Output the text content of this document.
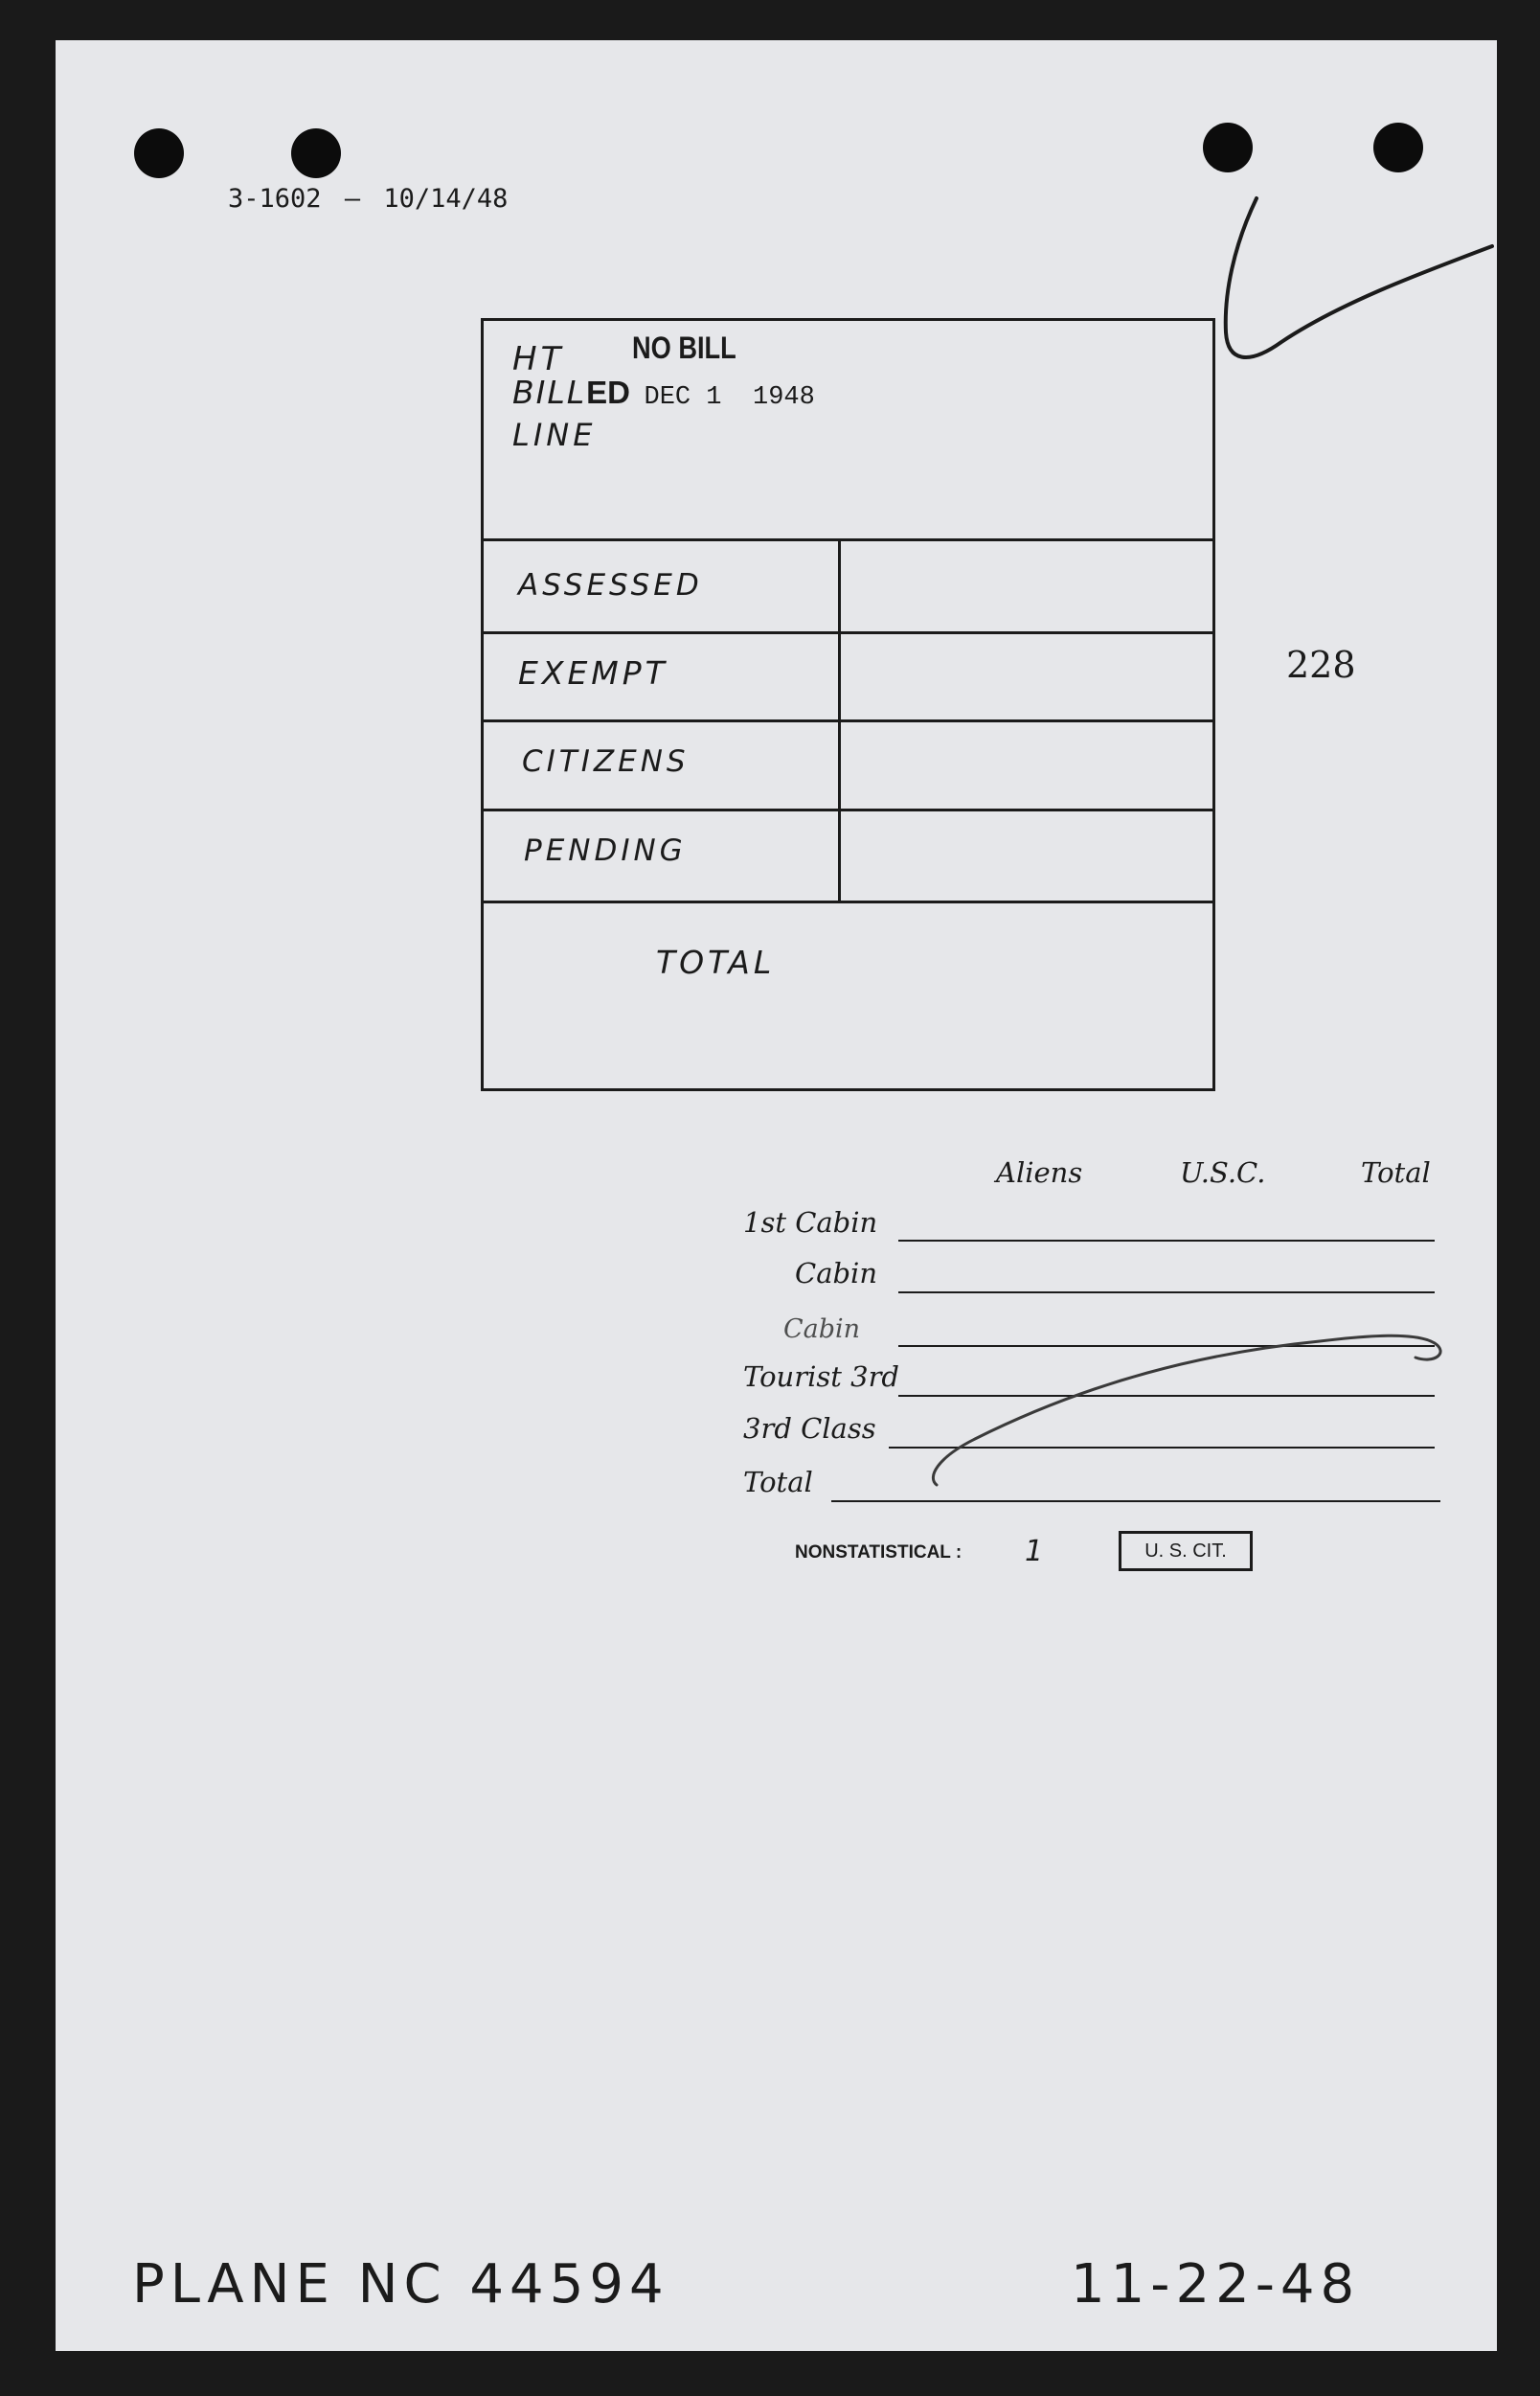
3-1602 — 10/14/48
HT NO BILL
BILLED DEC 1 1948
LINE
ASSESSED
EXEMPT
CITIZENS
PENDING
TOTAL
228
Aliens	U.S.C.	Total
1st Cabin
Cabin
Cabin
Tourist 3rd
3rd Class
Total
NONSTATISTICAL : 1	U. S. CIT.
PLANE NC 44594	11-22-48
